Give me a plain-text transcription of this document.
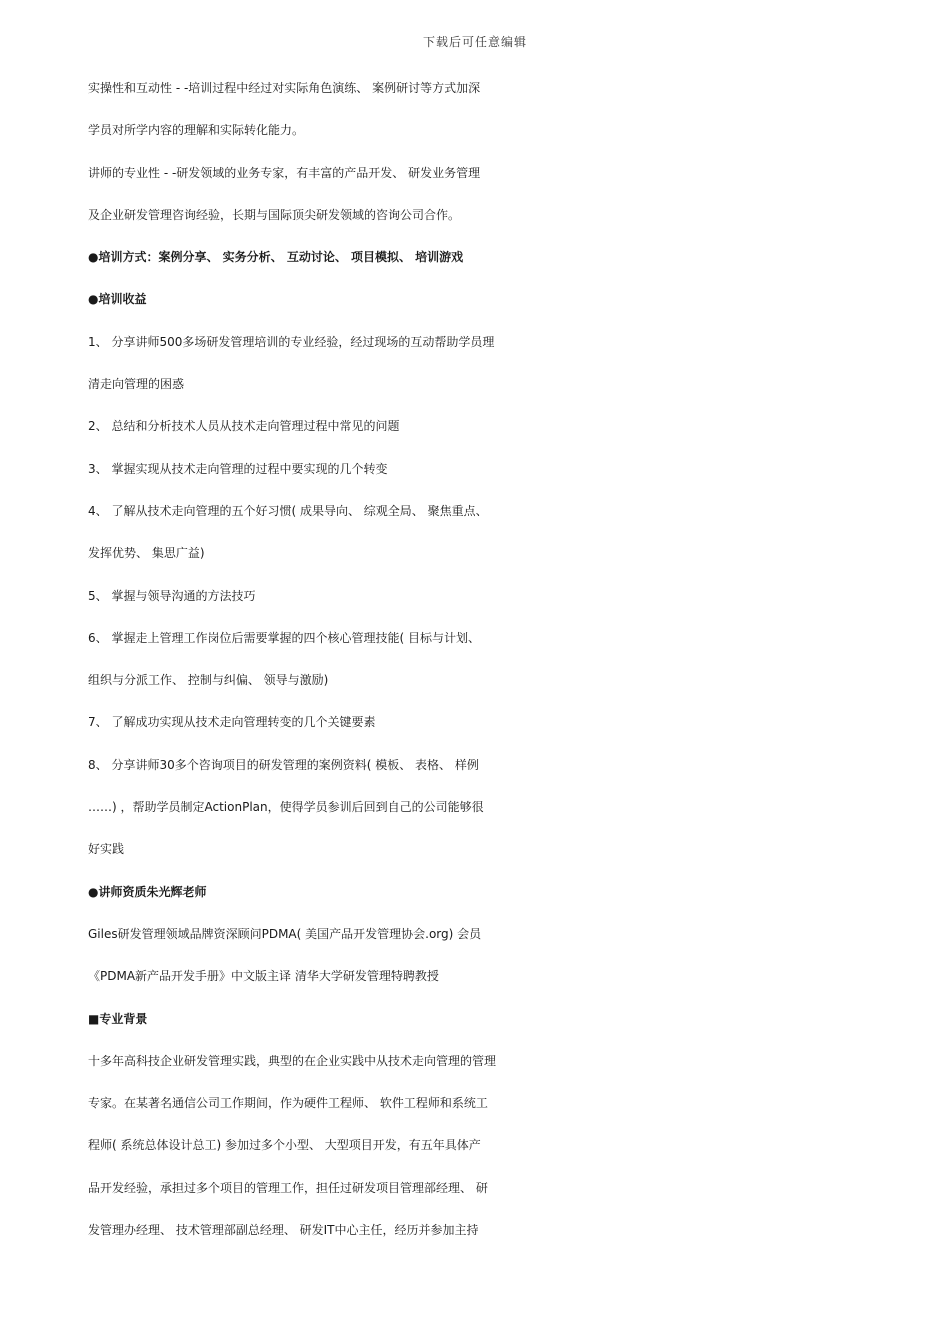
下载后可任意编辑
实操性和互动性 - -培训过程中经过对实际角色演练、 案例研讨等方式加深
学员对所学内容的理解和实际转化能力。
讲师的专业性 - -研发领域的业务专家，有丰富的产品开发、 研发业务管理
及企业研发管理咨询经验，长期与国际顶尖研发领域的咨询公司合作。
●培训方式：案例分享、 实务分析、 互动讨论、 项目模拟、 培训游戏
●培训收益
1、 分享讲师500多场研发管理培训的专业经验，经过现场的互动帮助学员理
清走向管理的困惑
2、 总结和分析技术人员从技术走向管理过程中常见的问题
3、 掌握实现从技术走向管理的过程中要实现的几个转变
4、 了解从技术走向管理的五个好习惯( 成果导向、 综观全局、 聚焦重点、
发挥优势、 集思广益)
5、 掌握与领导沟通的方法技巧
6、 掌握走上管理工作岗位后需要掌握的四个核心管理技能( 目标与计划、
组织与分派工作、 控制与纠偏、 领导与激励)
7、 了解成功实现从技术走向管理转变的几个关键要素
8、 分享讲师30多个咨询项目的研发管理的案例资料( 模板、 表格、 样例
……) ，帮助学员制定ActionPlan，使得学员参训后回到自己的公司能够很
好实践
●讲师资质朱光辉老师
Giles研发管理领域品牌资深顾问PDMA( 美国产品开发管理协会.org) 会员
《PDMA新产品开发手册》中文版主译 清华大学研发管理特聘教授
■专业背景
十多年高科技企业研发管理实践，典型的在企业实践中从技术走向管理的管理
专家。在某著名通信公司工作期间，作为硬件工程师、 软件工程师和系统工
程师( 系统总体设计总工) 参加过多个小型、 大型项目开发，有五年具体产
品开发经验，承担过多个项目的管理工作，担任过研发项目管理部经理、 研
发管理办经理、 技术管理部副总经理、 研发IT中心主任，经历并参加主持
